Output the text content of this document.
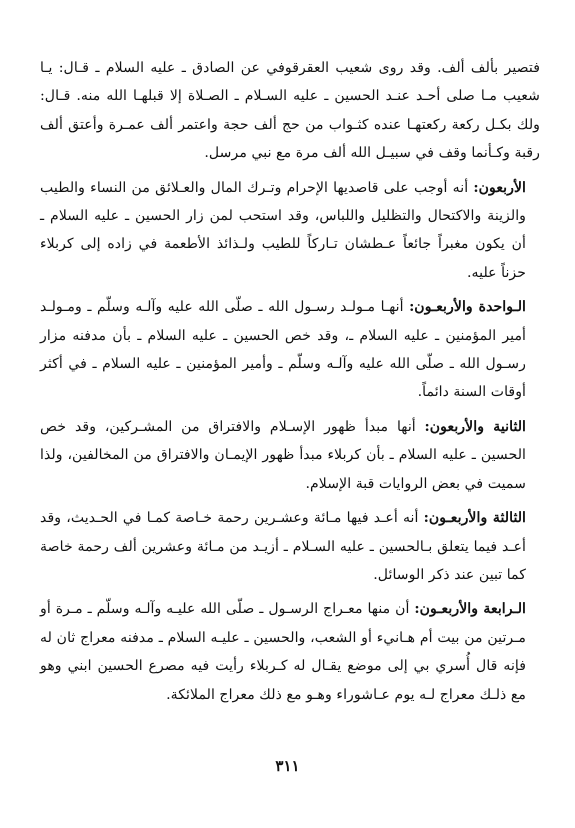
فتصير بألف ألف. وقد روى شعيب العقرقوفي عن الصادق ـ عليه السلام ـ قـال: يـا شعيب مـا صلى أحـد عنـد الحسين ـ عليه السـلام ـ الصـلاة إلا قبلهـا الله منه. قـال: ولك بكـل ركعة ركعتهـا عنده كثـواب من حج ألف حجة واعتمر ألف عمـرة وأعتق ألف رقبة وكـأنما وقف في سبيـل الله ألف مرة مع نبي مرسل.

الأربعون: أنه أوجب على قاصديها الإحرام وتـرك المال والعـلائق من النساء والطيب والزينة والاكتحال والتظليل واللباس، وقد استحب لمن زار الحسين ـ عليه السلام ـ أن يكون مغبراً جائعاً عـطشان تـاركاً للطيب ولـذائذ الأطعمة في زاده إلى كربلاء حزناً عليه.

الـواحدة والأربعـون: أنهـا مـولـد رسـول الله ـ صلّى الله عليه وآلـه وسلّم ـ ومـولـد أمير المؤمنين ـ عليه السلام ـ، وقد خص الحسين ـ عليه السلام ـ بأن مدفنه مزار رسـول الله ـ صلّى الله عليه وآلـه وسلّم ـ وأمير المؤمنين ـ عليه السلام ـ في أكثر أوقات السنة دائماً.

الثانية والأربعون: أنها مبدأ ظهور الإسـلام والافتراق من المشـركين، وقد خص الحسين ـ عليه السلام ـ بأن كربلاء مبدأ ظهور الإيمـان والافتراق من المخالفين، ولذا سميت في بعض الروايات قبة الإسلام.

الثالثة والأربعـون: أنه أعـد فيها مـائة وعشـرين رحمة خـاصة كمـا في الحـديث، وقد أعـد فيما يتعلق بـالحسين ـ عليه السـلام ـ أزيـد من مـائة وعشرين ألف رحمة خاصة كما تبين عند ذكر الوسائل.

الـرابعة والأربعـون: أن منها معـراج الرسـول ـ صلّى الله عليـه وآلـه وسلّم ـ مـرة أو مـرتين من بيت أم هـانيء أو الشعب، والحسين ـ عليـه السلام ـ مدفنه معراج ثان له فإنه قال أُسري بي إلى موضع يقـال له كـربلاء رأيت فيه مصرع الحسين ابني وهو مع ذلـك معراج لـه يوم عـاشوراء وهـو مع ذلك معراج الملائكة.

٣١١
